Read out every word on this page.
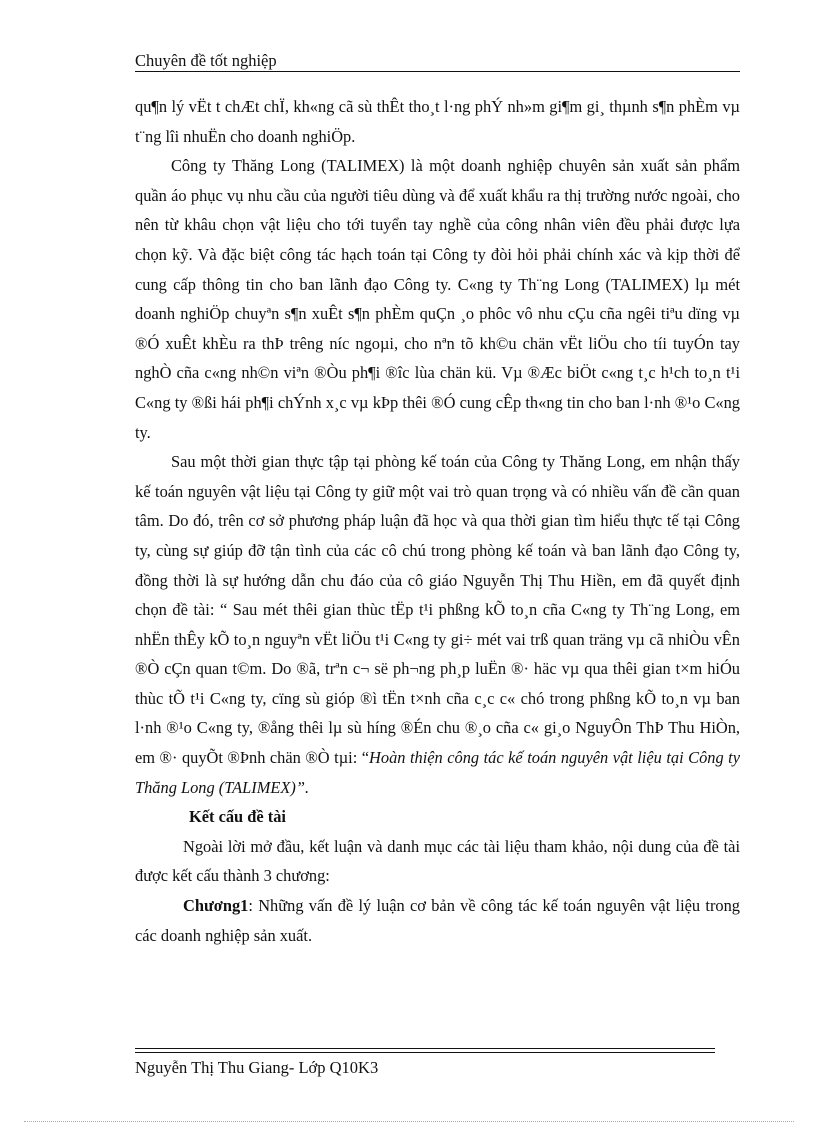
Chuyên đề tốt nghiệp

qu¶n lý vËt t chÆt chÏ, kh«ng cã sù thÊt tho¸t l·ng phÝ nh»m gi¶m gi¸ thµnh s¶n phÈm vµ t¨ng lîi nhuËn cho doanh nghiÖp.

Công ty Thăng Long (TALIMEX) là một doanh nghiệp chuyên sản xuất sản phẩm quần áo phục vụ nhu cầu của người tiêu dùng và để xuất khẩu ra thị trường nước ngoài, cho nên từ khâu chọn vật liệu cho tới tuyển tay nghề của công nhân viên đều phải được lựa chọn kỹ. Và đặc biệt công tác hạch toán tại Công ty đòi hỏi phải chính xác và kịp thời để cung cấp thông tin cho ban lãnh đạo Công ty. C«ng ty Th¨ng Long (TALIMEX) lµ mét doanh nghiÖp chuyªn s¶n xuÊt s¶n phÈm quÇn ¸o phôc vô nhu cÇu cña ngêi tiªu dïng vµ ®Ó xuÊt khÈu ra thÞ trêng níc ngoµi, cho nªn tõ kh©u chän vËt liÖu cho tíi tuyÓn tay nghÒ cña c«ng nh©n viªn ®Òu ph¶i ®îc lùa chän kü. Vµ ®Æc biÖt c«ng t¸c h¹ch to¸n t¹i C«ng ty ®ßi hái ph¶i chÝnh x¸c vµ kÞp thêi ®Ó cung cÊp th«ng tin cho ban l·nh ®¹o C«ng ty.

Sau một thời gian thực tập tại phòng kế toán của Công ty Thăng Long, em nhận thấy kế toán nguyên vật liệu tại Công ty giữ một vai trò quan trọng và có nhiều vấn đề cần quan tâm. Do đó, trên cơ sở phương pháp luận đã học và qua thời gian tìm hiểu thực tế tại Công ty, cùng sự giúp đỡ tận tình của các cô chú trong phòng kế toán và ban lãnh đạo Công ty, đồng thời là sự hướng dẫn chu đáo của cô giáo Nguyễn Thị Thu Hiền, em đã quyết định chọn đề tài: “ Sau mét thêi gian thùc tËp t¹i phßng kÕ to¸n cña C«ng ty Th¨ng Long, em nhËn thÊy kÕ to¸n nguyªn vËt liÖu t¹i C«ng ty gi÷ mét vai trß quan träng vµ cã nhiÒu vÊn ®Ò cÇn quan t©m. Do ®ã, trªn c¬ së ph¬ng ph¸p luËn ®· häc vµ qua thêi gian t×m hiÓu thùc tÕ t¹i C«ng ty, cïng sù gióp ®ì tËn t×nh cña c¸c c« chó trong phßng kÕ to¸n vµ ban l·nh ®¹o C«ng ty, ®ång thêi lµ sù híng ®Én chu ®¸o cña c« gi¸o NguyÔn ThÞ Thu HiÒn, em ®· quyÕt ®Þnh chän ®Ò tµi: “Hoàn thiện công tác kế toán nguyên vật liệu tại Công ty Thăng Long (TALIMEX)”.

Kết cấu đề tài

Ngoài lời mở đầu, kết luận và danh mục các tài liệu tham khảo, nội dung của đề tài được kết cấu thành 3 chương:

Chương1: Những vấn đề lý luận cơ bản về công tác kế toán nguyên vật liệu trong các doanh nghiệp sản xuất.

Nguyễn Thị Thu Giang- Lớp Q10K3
